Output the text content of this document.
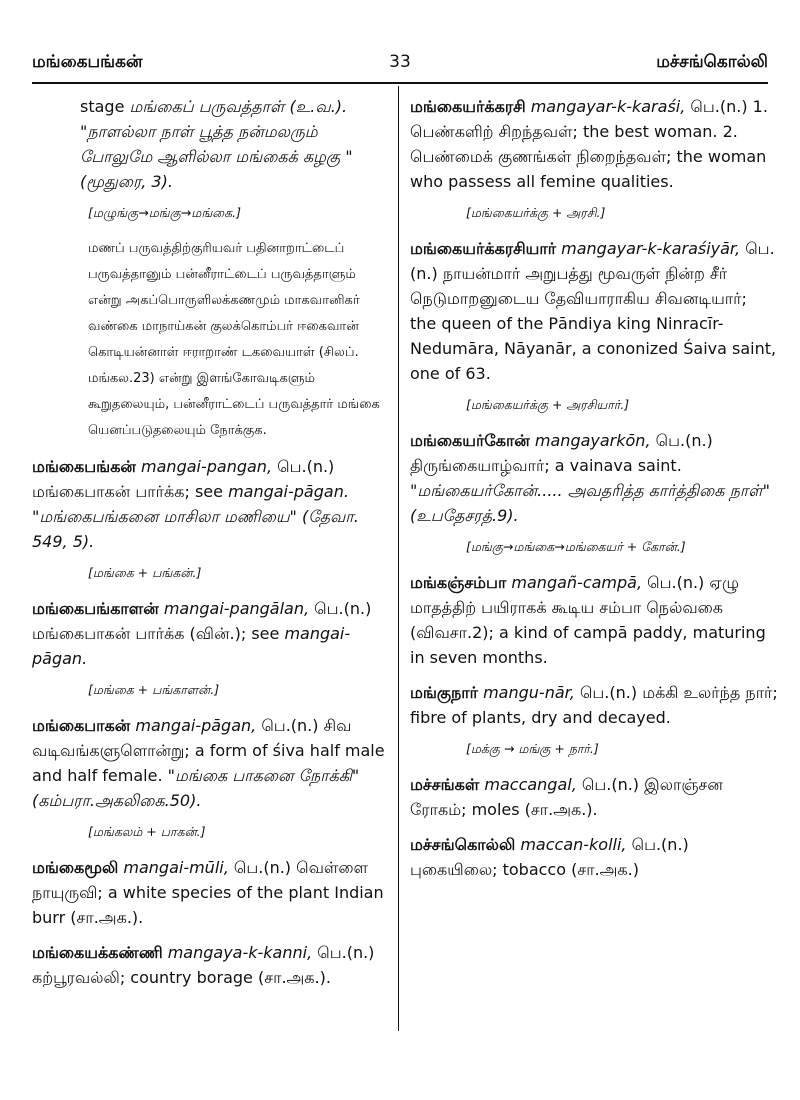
மங்கைபங்கன்	33	மச்சங்கொல்லி
stage மங்கைப் பருவத்தாள் (உ.வ.). "நாளல்லா நாள் பூத்த நன்மலரும் போலுமே ஆளில்லா மங்கைக் கழகு " (மூதுரை, 3).
[மழுங்கு→மங்கு→மங்கை.]
மணப் பருவத்திற்குரியவர் பதினாறாட்டைப் பருவத்தானும் பன்னீராட்டைப் பருவத்தாளும் என்று அகப்பொருளிலக்கணமும் மாகவானிகர் வண்கை மாநாய்கன் குலக்கொம்பர் ஈகைவான் கொடியன்னாள் ஈராறாண் டகவையாள் (சிலப். மங்கல.23) என்று இளங்கோவடிகளும் கூறுதலையும், பன்னீராட்டைப் பருவத்தார் மங்கை யெனப்படுதலையும் நோக்குக.
மங்கைபங்கன் mangai-pangan, பெ.(n.) மங்கைபாகன் பார்க்க; see mangai-pāgan. "மங்கைபங்கனை மாசிலா மணியை" (தேவா. 549, 5).
[மங்கை + பங்கன்.]
மங்கைபங்காளன் mangai-pangālan, பெ.(n.) மங்கைபாகன் பார்க்க (வின்.); see mangai-pāgan.
[மங்கை + பங்காளன்.]
மங்கைபாகன் mangai-pāgan, பெ.(n.) சிவ வடிவங்களுளொன்று; a form of śiva half male and half female. "மங்கை பாகனை நோக்கி" (கம்பரா.அகலிகை.50).
[மங்கலம் + பாகன்.]
மங்கைமூலி mangai-mūli, பெ.(n.) வெள்ளை நாயுருவி; a white species of the plant Indian burr (சா.அக.).
மங்கையக்கண்ணி mangaya-k-kanni, பெ.(n.) கற்பூரவல்லி; country borage (சா.அக.).
மங்கையர்க்கரசி mangayar-k-karaśi, பெ.(n.) 1. பெண்களிற் சிறந்தவள்; the best woman. 2. பெண்மைக் குணங்கள் நிறைந்தவள்; the woman who passess all femine qualities.
[மங்கையர்க்கு + அரசி.]
மங்கையர்க்கரசியார் mangayar-k-karaśiyār, பெ.(n.) நாயன்மார் அறுபத்து மூவருள் நின்ற சீர் நெடுமாறனுடைய தேவியாராகிய சிவனடியார்; the queen of the Pāndiya king Ninracīr-Nedumāra, Nāyanār, a cononized Śaiva saint, one of 63.
[மங்கையர்க்கு + அரசியார்.]
மங்கையர்கோன் mangayarkōn, பெ.(n.) திருங்கையாழ்வார்; a vainava saint. "மங்கையர்கோன்..... அவதரித்த கார்த்திகை நாள்" (உபதேசரத்.9).
[மங்கு→மங்கை→மங்கையர் + கோன்.]
மங்கஞ்சம்பா mangañ-campā, பெ.(n.) ஏழு மாதத்திற் பயிராகக் கூடிய சம்பா நெல்வகை (விவசா.2); a kind of campā paddy, maturing in seven months.
மங்குநார் mangu-nār, பெ.(n.) மக்கி உலர்ந்த நார்; fibre of plants, dry and decayed.
[மக்கு → மங்கு + நார்.]
மச்சங்கள் maccangal, பெ.(n.) இலாஞ்சன ரோகம்; moles (சா.அக.).
மச்சங்கொல்லி maccan-kolli, பெ.(n.) புகையிலை; tobacco (சா.அக.)
